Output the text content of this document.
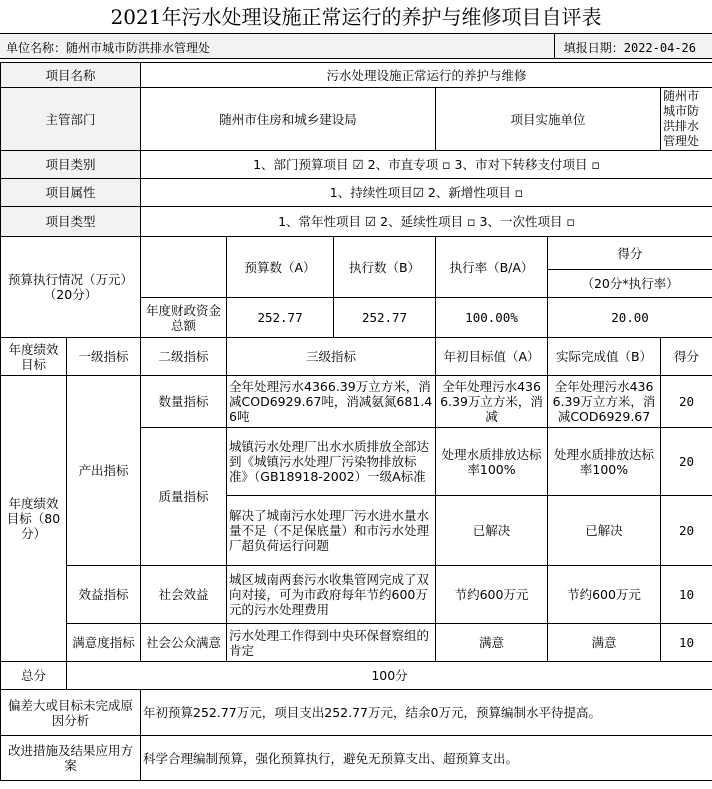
2021年污水处理设施正常运行的养护与维修项目自评表
单位名称：随州市城市防洪排水管理处	填报日期：2022-04-26
项目名称		污水处理设施正常运行的养护与维修					
主管部门		随州市住房和城乡建设局			项目实施单位		随州市城市防洪排水管理处
项目类别		1、部门预算项目 ☑ 2、市直专项 ▫ 3、市对下转移支付项目 ▫					
项目属性		1、持续性项目☑ 2、新增性项目 ▫					
项目类型		1、常年性项目 ☑ 2、延续性项目 ▫ 3、一次性项目 ▫					
预算执行情况（万元）（20分）			预算数（A）	执行数（B）	执行率（B/A）	得分	
						（20分*执行率）	
		年度财政资金总额	252.77	252.77	100.00%	20.00	
年度绩效目标	一级指标	二级指标	三级指标		年初目标值（A）	实际完成值（B）	得分
年度绩效目标（80分）	产出指标	数量指标	全年处理污水4366.39万立方米，消减COD6929.67吨，消减氨氮681.46吨		全年处理污水4366.39万立方米，消减	全年处理污水4366.39万立方米，消减COD6929.67	20
		质量指标	城镇污水处理厂出水水质排放全部达到《城镇污水处理厂污染物排放标准》（GB18918-2002）一级A标准		处理水质排放达标率100%	处理水质排放达标率100%	20
			解决了城南污水处理厂污水进水量水量不足（不足保底量）和市污水处理厂超负荷运行问题		已解决	已解决	20
	效益指标	社会效益	城区城南两套污水收集管网完成了双向对接，可为市政府每年节约600万元的污水处理费用		节约600万元	节约600万元	10
	满意度指标	社会公众满意	污水处理工作得到中央环保督察组的肯定		满意	满意	10
总分	100分						
偏差大或目标未完成原因分析		年初预算252.77万元，项目支出252.77万元，结余0万元，预算编制水平待提高。					
改进措施及结果应用方案		科学合理编制预算，强化预算执行，避免无预算支出、超预算支出。					
